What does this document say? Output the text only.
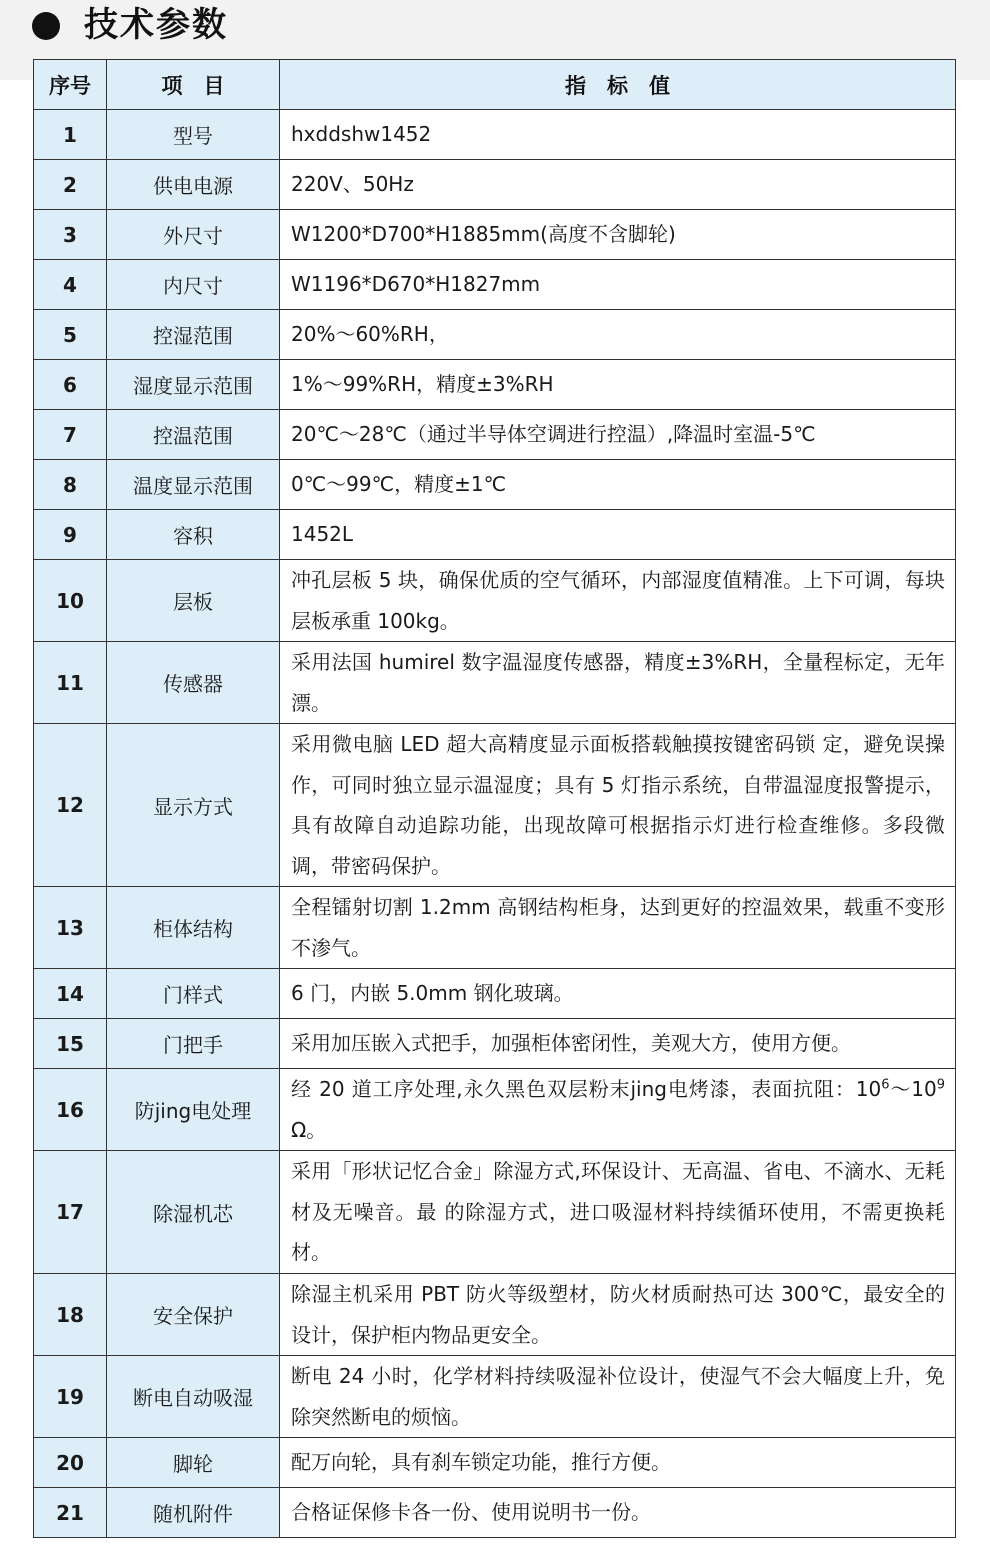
技术参数
序号	项　目	指　标　值
1	型号	hxddshw1452
2	供电电源	220V、50Hz
3	外尺寸	W1200*D700*H1885mm(高度不含脚轮)
4	内尺寸	W1196*D670*H1827mm
5	控湿范围	20%～60%RH，
6	湿度显示范围	1%～99%RH，精度±3%RH
7	控温范围	20℃～28℃（通过半导体空调进行控温）,降温时室温-5℃
8	温度显示范围	0℃～99℃，精度±1℃
9	容积	1452L
10	层板	冲孔层板 5 块，确保优质的空气循环，内部湿度值精准。上下可调，每块层板承重 100kg。
11	传感器	采用法国 humirel 数字温湿度传感器，精度±3%RH，全量程标定，无年漂。
12	显示方式	采用微电脑 LED 超大高精度显示面板搭载触摸按键密码锁 定，避免误操作，可同时独立显示温湿度；具有 5 灯指示系统，自带温湿度报警提示，具有故障自动追踪功能，出现故障可根据指示灯进行检查维修。多段微调，带密码保护。
13	柜体结构	全程镭射切割 1.2mm 高钢结构柜身，达到更好的控温效果，载重不变形不渗气。
14	门样式	6 门，内嵌 5.0mm 钢化玻璃。
15	门把手	采用加压嵌入式把手，加强柜体密闭性，美观大方，使用方便。
16	防jing电处理	经 20 道工序处理,永久黑色双层粉末jing电烤漆，表面抗阻：$10^6\sim 10^9$ Ω。
17	除湿机芯	采用「形状记忆合金」除湿方式,环保设计、无高温、省电、不滴水、无耗材及无噪音。最 的除湿方式，进口吸湿材料持续循环使用，不需更换耗材。
18	安全保护	除湿主机采用 PBT 防火等级塑材，防火材质耐热可达 300℃，最安全的设计，保护柜内物品更安全。
19	断电自动吸湿	断电 24 小时，化学材料持续吸湿补位设计，使湿气不会大幅度上升，免除突然断电的烦恼。
20	脚轮	配万向轮，具有刹车锁定功能，推行方便。
21	随机附件	合格证保修卡各一份、使用说明书一份。
